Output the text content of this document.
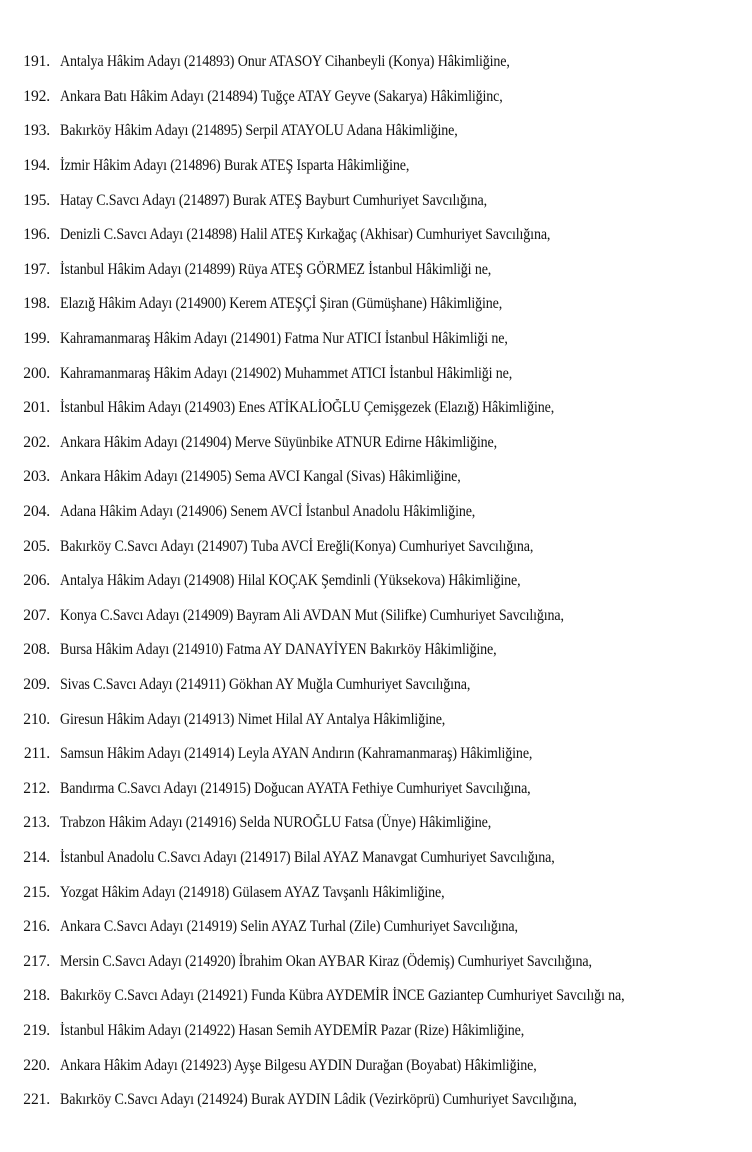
191. Antalya Hâkim Adayı (214893) Onur ATASOY Cihanbeyli (Konya) Hâkimliğine,
192. Ankara Batı Hâkim Adayı (214894) Tuğçe ATAY Geyve (Sakarya) Hâkimliğinc,
193. Bakırköy Hâkim Adayı (214895) Serpil ATAYOLU Adana Hâkimliğine,
194. İzmir Hâkim Adayı (214896) Burak ATEŞ Isparta Hâkimliğine,
195. Hatay C.Savcı Adayı (214897) Burak ATEŞ Bayburt Cumhuriyet Savcılığına,
196. Denizli C.Savcı Adayı (214898) Halil ATEŞ Kırkağaç (Akhisar) Cumhuriyet Savcılığına,
197. İstanbul Hâkim Adayı (214899) Rüya ATEŞ GÖRMEZ İstanbul Hâkimliği ne,
198. Elazığ Hâkim Adayı (214900) Kerem ATEŞÇİ Şiran (Gümüşhane) Hâkimliğine,
199. Kahramanmaraş Hâkim Adayı (214901) Fatma Nur ATICI İstanbul Hâkimliği ne,
200. Kahramanmaraş Hâkim Adayı (214902) Muhammet ATICI İstanbul Hâkimliği ne,
201. İstanbul Hâkim Adayı (214903) Enes ATİKALİOĞLU Çemişgezek (Elazığ) Hâkimliğine,
202. Ankara Hâkim Adayı (214904) Merve Süyünbike ATNUR Edirne Hâkimliğine,
203. Ankara Hâkim Adayı (214905) Sema AVCI Kangal (Sivas) Hâkimliğine,
204. Adana Hâkim Adayı (214906) Senem AVCİ İstanbul Anadolu Hâkimliğine,
205. Bakırköy C.Savcı Adayı (214907) Tuba AVCİ Ereğli(Konya) Cumhuriyet Savcılığına,
206. Antalya Hâkim Adayı (214908) Hilal KOÇAK Şemdinli (Yüksekova) Hâkimliğine,
207. Konya C.Savcı Adayı (214909) Bayram Ali AVDAN Mut (Silifke) Cumhuriyet Savcılığına,
208. Bursa Hâkim Adayı (214910) Fatma AY DANAYİYEN Bakırköy Hâkimliğine,
209. Sivas C.Savcı Adayı (214911) Gökhan AY Muğla Cumhuriyet Savcılığına,
210. Giresun Hâkim Adayı (214913) Nimet Hilal AY Antalya Hâkimliğine,
211. Samsun Hâkim Adayı (214914) Leyla AYAN Andırın (Kahramanmaraş) Hâkimliğine,
212. Bandırma C.Savcı Adayı (214915) Doğucan AYATA Fethiye Cumhuriyet Savcılığına,
213. Trabzon Hâkim Adayı (214916) Selda NUROĞLU Fatsa (Ünye) Hâkimliğine,
214. İstanbul Anadolu C.Savcı Adayı (214917) Bilal AYAZ Manavgat Cumhuriyet Savcılığına,
215. Yozgat Hâkim Adayı (214918) Gülasem AYAZ Tavşanlı Hâkimliğine,
216. Ankara C.Savcı Adayı (214919) Selin AYAZ Turhal (Zile) Cumhuriyet Savcılığına,
217. Mersin C.Savcı Adayı (214920) İbrahim Okan AYBAR Kiraz (Ödemiş) Cumhuriyet Savcılığına,
218. Bakırköy C.Savcı Adayı (214921) Funda Kübra AYDEMİR İNCE Gaziantep Cumhuriyet Savcılığı na,
219. İstanbul Hâkim Adayı (214922) Hasan Semih AYDEMİR Pazar (Rize) Hâkimliğine,
220. Ankara Hâkim Adayı (214923) Ayşe Bilgesu AYDIN Durağan (Boyabat) Hâkimliğine,
221. Bakırköy C.Savcı Adayı (214924) Burak AYDIN Lâdik (Vezirköprü) Cumhuriyet Savcılığına,
